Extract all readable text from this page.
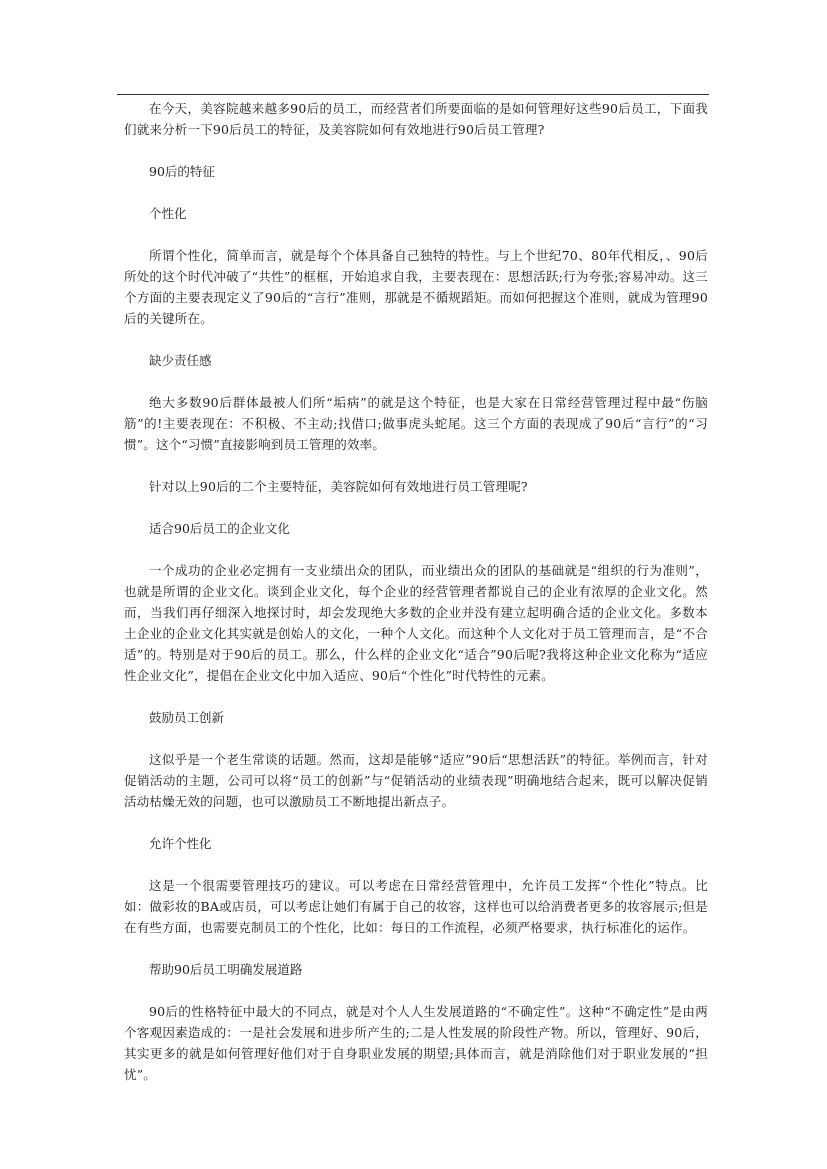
在今天，美容院越来越多90后的员工，而经营者们所要面临的是如何管理好这些90后员工，下面我们就来分析一下90后员工的特征，及美容院如何有效地进行90后员工管理?

90后的特征

个性化

所谓个性化，简单而言，就是每个个体具备自己独特的特性。与上个世纪70、80年代相反，、90后所处的这个时代冲破了“共性”的框框，开始追求自我，主要表现在：思想活跃;行为夸张;容易冲动。这三个方面的主要表现定义了90后的“言行”准则，那就是不循规蹈矩。而如何把握这个准则，就成为管理90后的关键所在。

缺少责任感

绝大多数90后群体最被人们所“垢病”的就是这个特征，也是大家在日常经营管理过程中最“伤脑筋”的!主要表现在：不积极、不主动;找借口;做事虎头蛇尾。这三个方面的表现成了90后“言行”的“习惯”。这个“习惯”直接影响到员工管理的效率。

针对以上90后的二个主要特征，美容院如何有效地进行员工管理呢?

适合90后员工的企业文化

一个成功的企业必定拥有一支业绩出众的团队，而业绩出众的团队的基础就是“组织的行为准则”，也就是所谓的企业文化。谈到企业文化，每个企业的经营管理者都说自己的企业有浓厚的企业文化。然而，当我们再仔细深入地探讨时，却会发现绝大多数的企业并没有建立起明确合适的企业文化。多数本土企业的企业文化其实就是创始人的文化，一种个人文化。而这种个人文化对于员工管理而言，是“不合适”的。特别是对于90后的员工。那么，什么样的企业文化“适合”90后呢?我将这种企业文化称为“适应性企业文化”，提倡在企业文化中加入适应、90后“个性化”时代特性的元素。

鼓励员工创新

这似乎是一个老生常谈的话题。然而，这却是能够“适应”90后“思想活跃”的特征。举例而言，针对促销活动的主题，公司可以将“员工的创新”与“促销活动的业绩表现”明确地结合起来，既可以解决促销活动枯燥无效的问题，也可以激励员工不断地提出新点子。

允许个性化

这是一个很需要管理技巧的建议。可以考虑在日常经营管理中，允许员工发挥“个性化”特点。比如：做彩妆的BA或店员，可以考虑让她们有属于自己的妆容，这样也可以给消费者更多的妆容展示;但是在有些方面，也需要克制员工的个性化，比如：每日的工作流程，必须严格要求，执行标准化的运作。

帮助90后员工明确发展道路

90后的性格特征中最大的不同点，就是对个人人生发展道路的“不确定性”。这种“不确定性”是由两个客观因素造成的：一是社会发展和进步所产生的;二是人性发展的阶段性产物。所以，管理好、90后，其实更多的就是如何管理好他们对于自身职业发展的期望;具体而言，就是消除他们对于职业发展的“担忧”。
